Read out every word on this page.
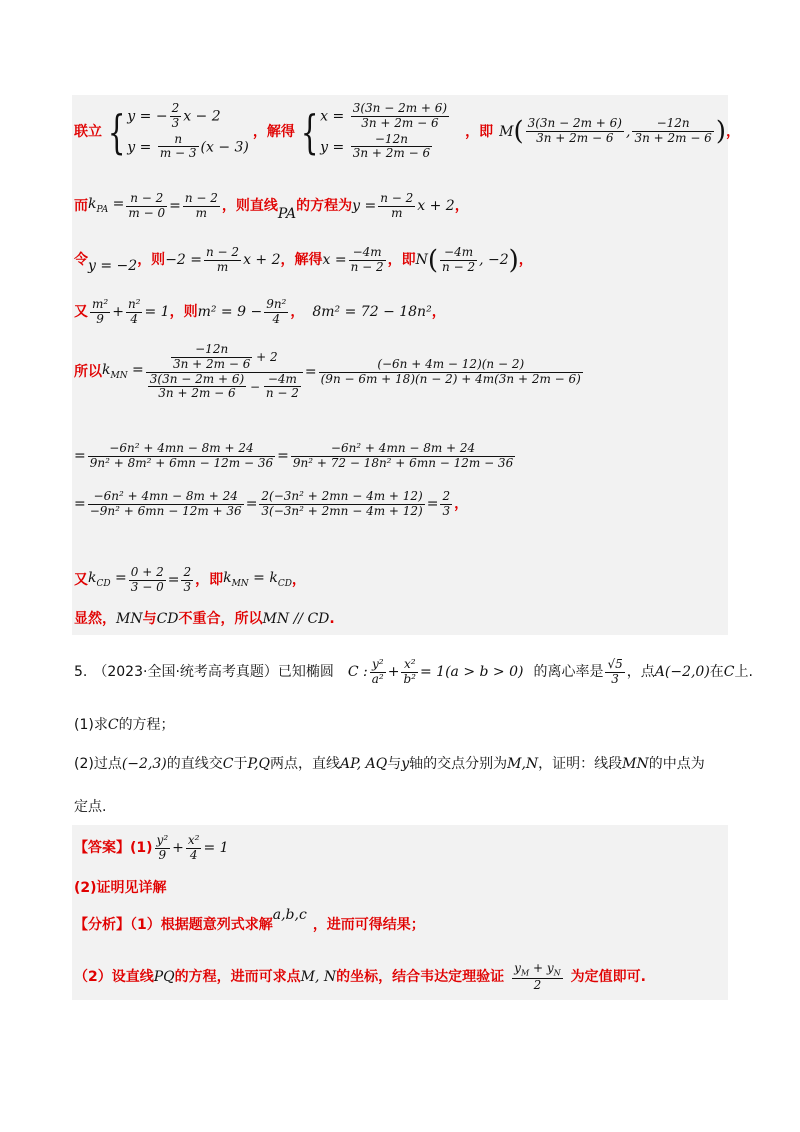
联立 { y = − $\frac{2}{3}$ x − 2
$y = \frac{n}{m - 3} (x - 3)$
，解得 { $x = \frac{3(3n - 2m + 6)}{3n + 2m - 6}$
$y = \frac{-12n}{3n + 2m - 6}$
，即 $M( \frac{3(3n - 2m + 6)}{3n + 2m - 6}$ , $\frac{-12n}{3n + 2m - 6}$ )，
而$k_{PA} = \frac{n - 2}{m - 0} = \frac{n - 2}{m}$ ，则直线PA的方程为$y = \frac{n - 2}{m}$ x + 2，
令y = −2，则$-2 = \frac{n - 2}{m}$ x + 2，解得$x = \frac{-4m}{n - 2}$ ，即$N( \frac{-4m}{n - 2}$ , −2)，
又 $\frac{\text{m²}}{9} + \frac{\text{n²}}{4} = 1$，则$m^2 = 9 - \frac{\text{9n²}}{4}$ ， 8m² = 72 − 18n²，
所以$k_{MN} = \frac{\frac{-12n}{3n + 2m - 6} + 2}{\frac{3(3n - 2m + 6)}{3n + 2m - 6} - \frac{-4m}{n - 2}} = \frac{(-6n + 4m - 12)(n - 2)}{(9n - 6m + 18)(n - 2) + 4m(3n + 2m - 6)}$
= $\frac{\text{−6n² + 4mn − 8m + 24}}{\text{9n² + 8m² + 6mn − 12m − 36}} = \frac{\text{−6n² + 4mn − 8m + 24}}{\text{9n² + 72 − 18n² + 6mn − 12m − 36}}$
= $\frac{\text{−6n² + 4mn − 8m + 24}}{\text{−9n² + 6mn − 12m + 36}} = \frac{\text{2(−3n² + 2mn − 4m + 12)}}{\text{3(−3n² + 2mn − 4m + 12)}} = \frac{2}{3}$ ，
又$k_{CD} = \frac{0 + 2}{3 - 0} = \frac{2}{3}$ ，即$k_{MN} = k_{CD}$，
显然，MN与CD不重合，所以MN // CD.
5. （2023·全国·统考高考真题）已知椭圆 C : $\frac{\text{y²}}{\text{a²}} + \frac{\text{x²}}{\text{b²}} = 1(a > b > 0)$ 的离心率是 $\frac{√5}{3}$ ，点A(−2,0)在C上.
(1)求C的方程；
(2)过点(−2,3)的直线交C于P,Q两点，直线AP, AQ与y轴的交点分别为M,N，证明：线段MN的中点为
定点.
【答案】$(1) \frac{\text{y²}}{9} + \frac{\text{x²}}{4} = 1$
(2)证明见详解
【分析】（1）根据题意列式求解a,b,c，进而可得结果；
（2）设直线PQ的方程，进而可求点M, N的坐标，结合韦达定理验证 $\frac{y_M + y_N}{2}$ 为定值即可.
